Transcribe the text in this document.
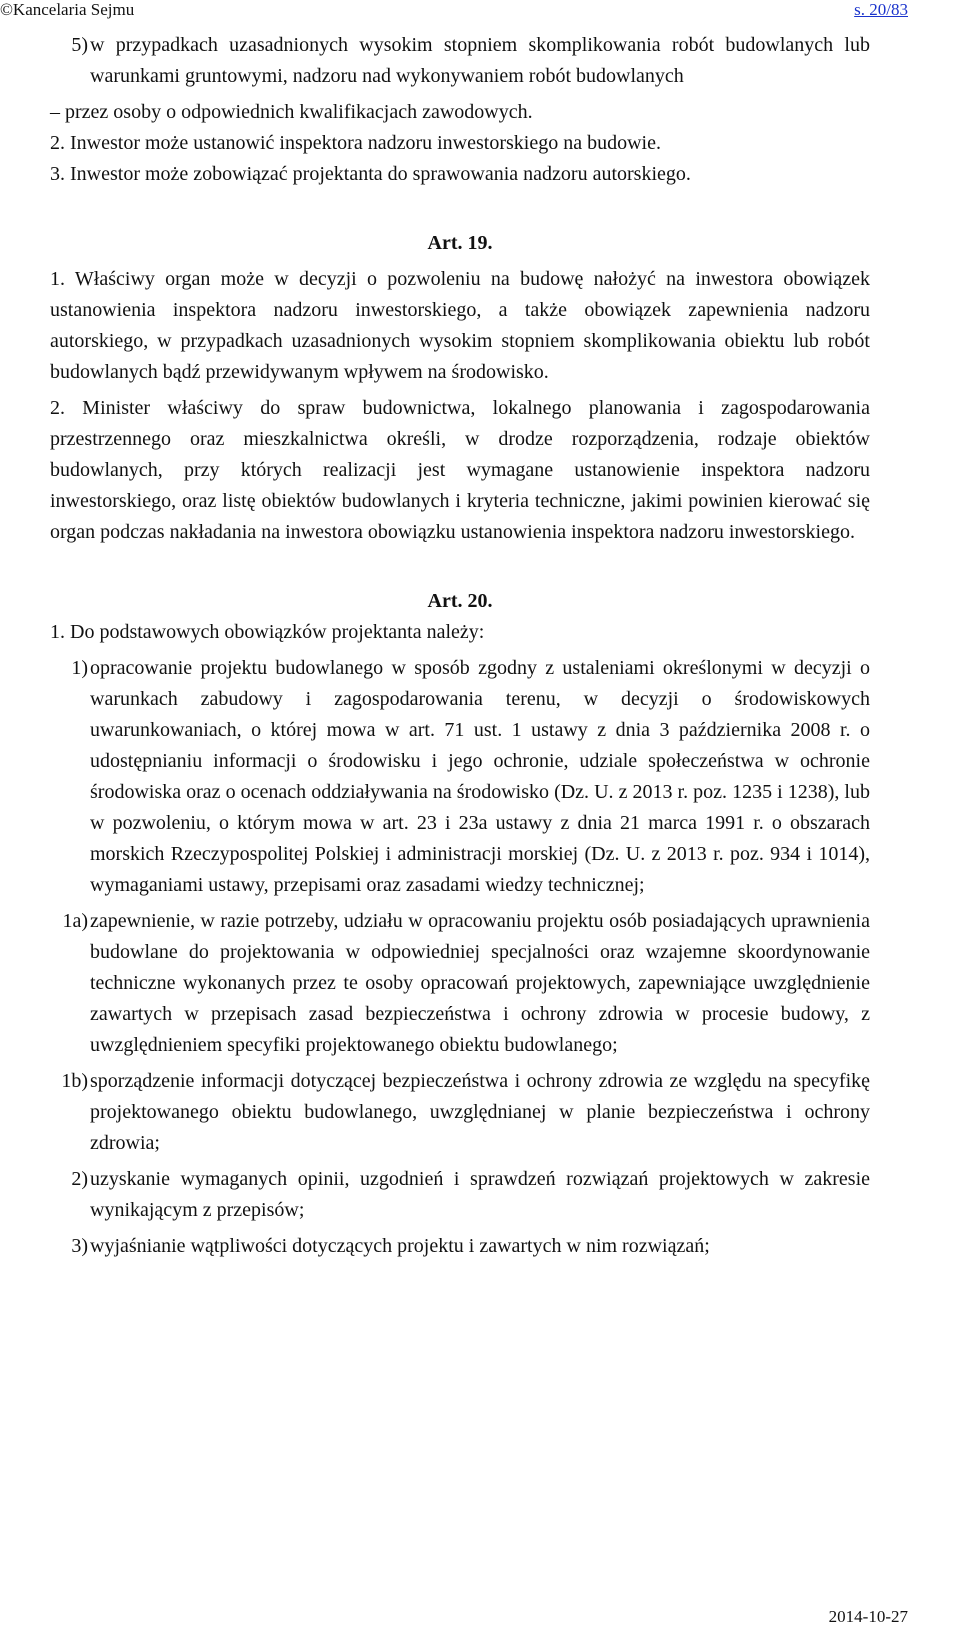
©Kancelaria Sejmu	s. 20/83
5) w przypadkach uzasadnionych wysokim stopniem skomplikowania robót budowlanych lub warunkami gruntowymi, nadzoru nad wykonywaniem robót budowlanych

– przez osoby o odpowiednich kwalifikacjach zawodowych.

2. Inwestor może ustanowić inspektora nadzoru inwestorskiego na budowie.

3. Inwestor może zobowiązać projektanta do sprawowania nadzoru autorskiego.

Art. 19.

1. Właściwy organ może w decyzji o pozwoleniu na budowę nałożyć na inwestora obowiązek ustanowienia inspektora nadzoru inwestorskiego, a także obowiązek zapewnienia nadzoru autorskiego, w przypadkach uzasadnionych wysokim stopniem skomplikowania obiektu lub robót budowlanych bądź przewidywanym wpływem na środowisko.

2. Minister właściwy do spraw budownictwa, lokalnego planowania i zagospodarowania przestrzennego oraz mieszkalnictwa określi, w drodze rozporządzenia, rodzaje obiektów budowlanych, przy których realizacji jest wymagane ustanowienie inspektora nadzoru inwestorskiego, oraz listę obiektów budowlanych i kryteria techniczne, jakimi powinien kierować się organ podczas nakładania na inwestora obowiązku ustanowienia inspektora nadzoru inwestorskiego.

Art. 20.

1. Do podstawowych obowiązków projektanta należy:

1) opracowanie projektu budowlanego w sposób zgodny z ustaleniami określonymi w decyzji o warunkach zabudowy i zagospodarowania terenu, w decyzji o środowiskowych uwarunkowaniach, o której mowa w art. 71 ust. 1 ustawy z dnia 3 października 2008 r. o udostępnianiu informacji o środowisku i jego ochronie, udziale społeczeństwa w ochronie środowiska oraz o ocenach oddziaływania na środowisko (Dz. U. z 2013 r. poz. 1235 i 1238), lub w pozwoleniu, o którym mowa w art. 23 i 23a ustawy z dnia 21 marca 1991 r. o obszarach morskich Rzeczypospolitej Polskiej i administracji morskiej (Dz. U. z 2013 r. poz. 934 i 1014), wymaganiami ustawy, przepisami oraz zasadami wiedzy technicznej;
1a) zapewnienie, w razie potrzeby, udziału w opracowaniu projektu osób posiadających uprawnienia budowlane do projektowania w odpowiedniej specjalności oraz wzajemne skoordynowanie techniczne wykonanych przez te osoby opracowań projektowych, zapewniające uwzględnienie zawartych w przepisach zasad bezpieczeństwa i ochrony zdrowia w procesie budowy, z uwzględnieniem specyfiki projektowanego obiektu budowlanego;
1b) sporządzenie informacji dotyczącej bezpieczeństwa i ochrony zdrowia ze względu na specyfikę projektowanego obiektu budowlanego, uwzględnianej w planie bezpieczeństwa i ochrony zdrowia;
2) uzyskanie wymaganych opinii, uzgodnień i sprawdzeń rozwiązań projektowych w zakresie wynikającym z przepisów;
3) wyjaśnianie wątpliwości dotyczących projektu i zawartych w nim rozwiązań;
2014-10-27
